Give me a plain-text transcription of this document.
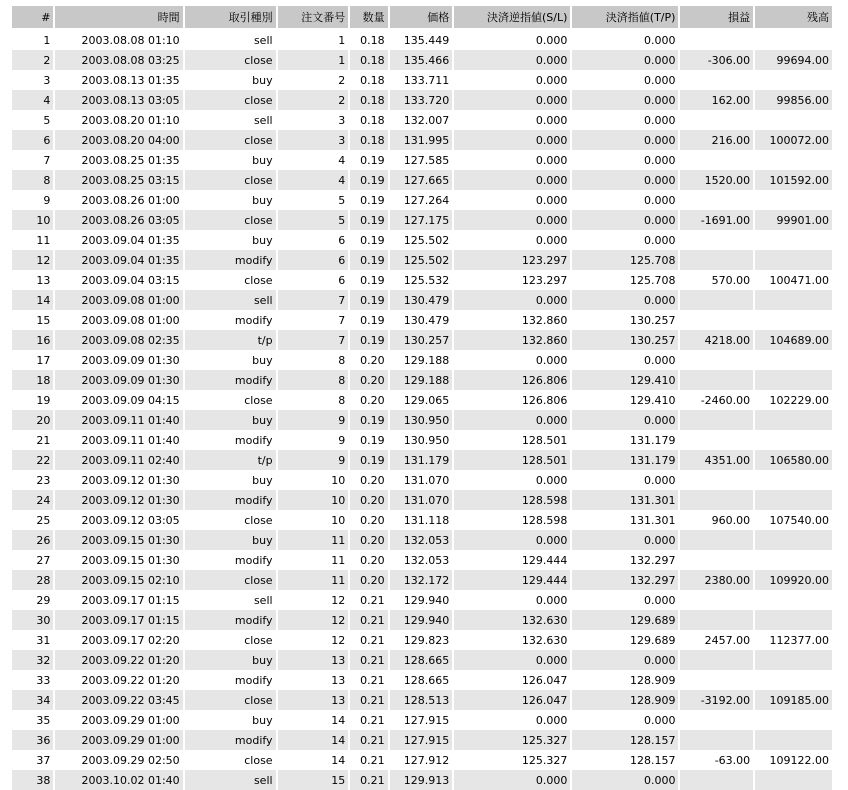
#	時間	取引種別	注文番号	数量	価格	決済逆指値(S/L)	決済指値(T/P)	損益	残高
1	2003.08.08 01:10	sell	1	0.18	135.449	0.000	0.000		
2	2003.08.08 03:25	close	1	0.18	135.466	0.000	0.000	-306.00	99694.00
3	2003.08.13 01:35	buy	2	0.18	133.711	0.000	0.000		
4	2003.08.13 03:05	close	2	0.18	133.720	0.000	0.000	162.00	99856.00
5	2003.08.20 01:10	sell	3	0.18	132.007	0.000	0.000		
6	2003.08.20 04:00	close	3	0.18	131.995	0.000	0.000	216.00	100072.00
7	2003.08.25 01:35	buy	4	0.19	127.585	0.000	0.000		
8	2003.08.25 03:15	close	4	0.19	127.665	0.000	0.000	1520.00	101592.00
9	2003.08.26 01:00	buy	5	0.19	127.264	0.000	0.000		
10	2003.08.26 03:05	close	5	0.19	127.175	0.000	0.000	-1691.00	99901.00
11	2003.09.04 01:35	buy	6	0.19	125.502	0.000	0.000		
12	2003.09.04 01:35	modify	6	0.19	125.502	123.297	125.708		
13	2003.09.04 03:15	close	6	0.19	125.532	123.297	125.708	570.00	100471.00
14	2003.09.08 01:00	sell	7	0.19	130.479	0.000	0.000		
15	2003.09.08 01:00	modify	7	0.19	130.479	132.860	130.257		
16	2003.09.08 02:35	t/p	7	0.19	130.257	132.860	130.257	4218.00	104689.00
17	2003.09.09 01:30	buy	8	0.20	129.188	0.000	0.000		
18	2003.09.09 01:30	modify	8	0.20	129.188	126.806	129.410		
19	2003.09.09 04:15	close	8	0.20	129.065	126.806	129.410	-2460.00	102229.00
20	2003.09.11 01:40	buy	9	0.19	130.950	0.000	0.000		
21	2003.09.11 01:40	modify	9	0.19	130.950	128.501	131.179		
22	2003.09.11 02:40	t/p	9	0.19	131.179	128.501	131.179	4351.00	106580.00
23	2003.09.12 01:30	buy	10	0.20	131.070	0.000	0.000		
24	2003.09.12 01:30	modify	10	0.20	131.070	128.598	131.301		
25	2003.09.12 03:05	close	10	0.20	131.118	128.598	131.301	960.00	107540.00
26	2003.09.15 01:30	buy	11	0.20	132.053	0.000	0.000		
27	2003.09.15 01:30	modify	11	0.20	132.053	129.444	132.297		
28	2003.09.15 02:10	close	11	0.20	132.172	129.444	132.297	2380.00	109920.00
29	2003.09.17 01:15	sell	12	0.21	129.940	0.000	0.000		
30	2003.09.17 01:15	modify	12	0.21	129.940	132.630	129.689		
31	2003.09.17 02:20	close	12	0.21	129.823	132.630	129.689	2457.00	112377.00
32	2003.09.22 01:20	buy	13	0.21	128.665	0.000	0.000		
33	2003.09.22 01:20	modify	13	0.21	128.665	126.047	128.909		
34	2003.09.22 03:45	close	13	0.21	128.513	126.047	128.909	-3192.00	109185.00
35	2003.09.29 01:00	buy	14	0.21	127.915	0.000	0.000		
36	2003.09.29 01:00	modify	14	0.21	127.915	125.327	128.157		
37	2003.09.29 02:50	close	14	0.21	127.912	125.327	128.157	-63.00	109122.00
38	2003.10.02 01:40	sell	15	0.21	129.913	0.000	0.000		
